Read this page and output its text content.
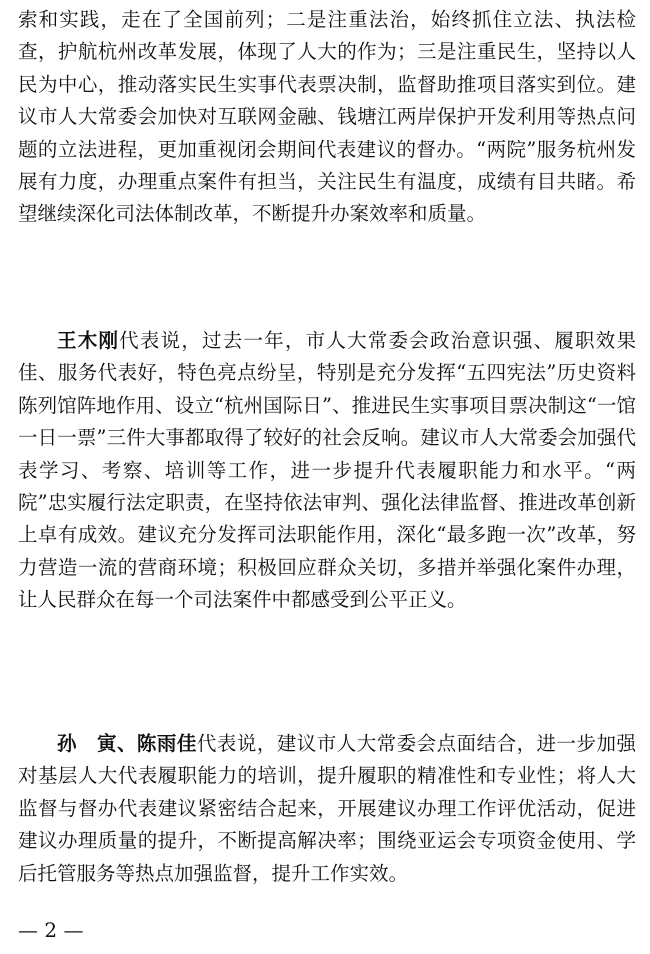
索和实践，走在了全国前列；二是注重法治，始终抓住立法、执法检查，护航杭州改革发展，体现了人大的作为；三是注重民生，坚持以人民为中心，推动落实民生实事代表票决制，监督助推项目落实到位。建议市人大常委会加快对互联网金融、钱塘江两岸保护开发利用等热点问题的立法进程，更加重视闭会期间代表建议的督办。“两院”服务杭州发展有力度，办理重点案件有担当，关注民生有温度，成绩有目共睹。希望继续深化司法体制改革，不断提升办案效率和质量。

王木刚代表说，过去一年，市人大常委会政治意识强、履职效果佳、服务代表好，特色亮点纷呈，特别是充分发挥“五四宪法”历史资料陈列馆阵地作用、设立“杭州国际日”、推进民生实事项目票决制这“一馆一日一票”三件大事都取得了较好的社会反响。建议市人大常委会加强代表学习、考察、培训等工作，进一步提升代表履职能力和水平。“两院”忠实履行法定职责，在坚持依法审判、强化法律监督、推进改革创新上卓有成效。建议充分发挥司法职能作用，深化“最多跑一次”改革，努力营造一流的营商环境；积极回应群众关切，多措并举强化案件办理，让人民群众在每一个司法案件中都感受到公平正义。

孙　寅、陈雨佳代表说，建议市人大常委会点面结合，进一步加强对基层人大代表履职能力的培训，提升履职的精准性和专业性；将人大监督与督办代表建议紧密结合起来，开展建议办理工作评优活动，促进建议办理质量的提升，不断提高解决率；围绕亚运会专项资金使用、学后托管服务等热点加强监督，提升工作实效。

— 2 —
